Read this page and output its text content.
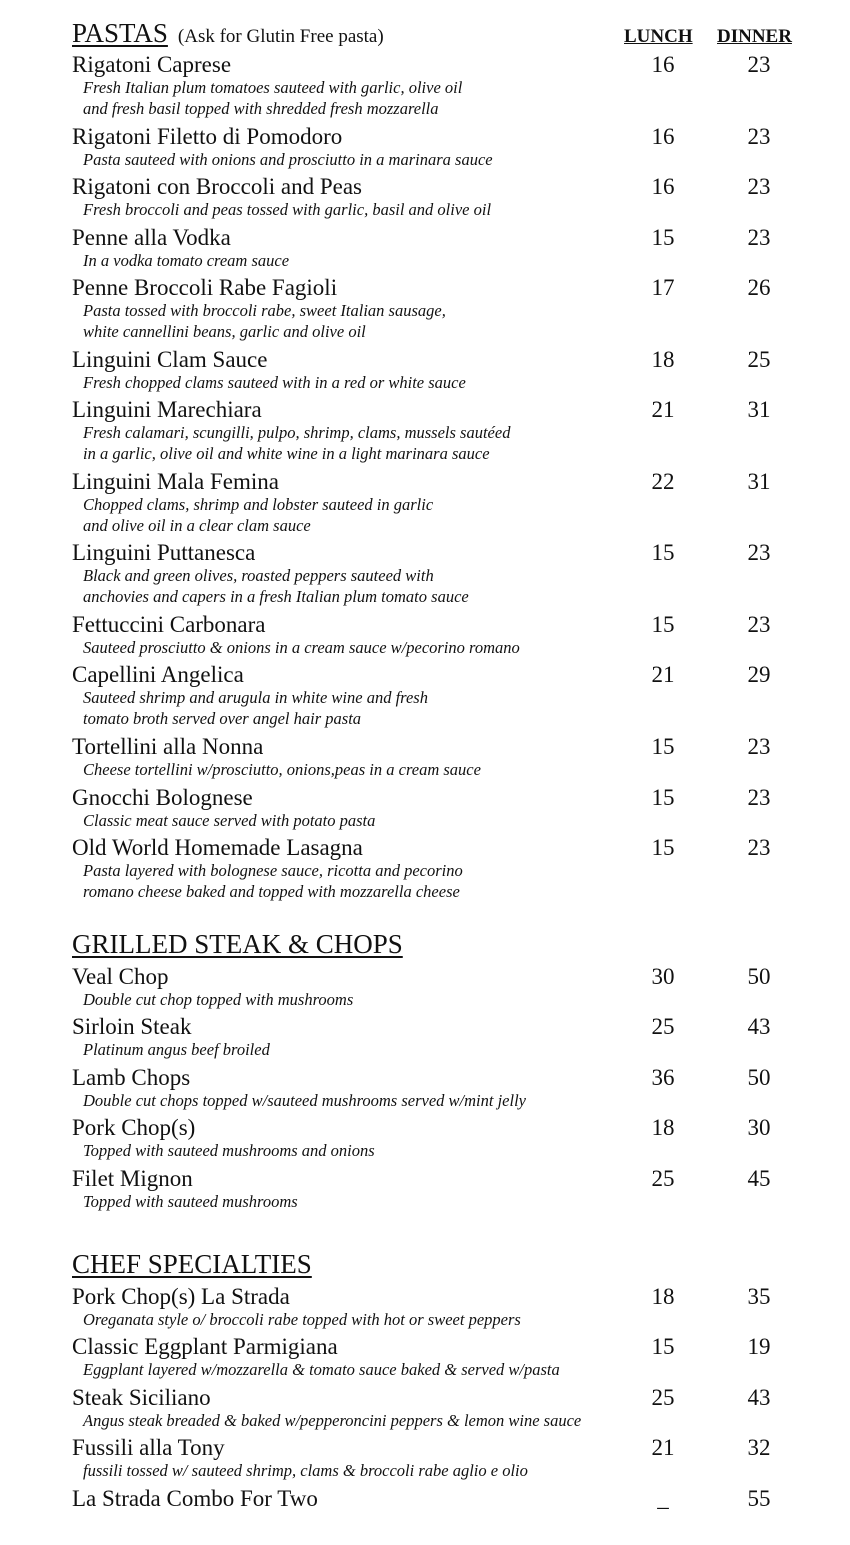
LUNCH DINNER
PASTAS (Ask for Glutin Free pasta)
Rigatoni Caprese
Fresh Italian plum tomatoes sauteed with garlic, olive oil
and fresh basil topped with shredded fresh mozzarella
16	23
Rigatoni Filetto di Pomodoro
Pasta sauteed with onions and prosciutto in a marinara sauce
16	23
Rigatoni con Broccoli and Peas
Fresh broccoli and peas tossed with garlic, basil and olive oil
16	23
Penne alla Vodka
In a vodka tomato cream sauce
15	23
Penne Broccoli Rabe Fagioli
Pasta tossed with broccoli rabe, sweet Italian sausage,
white cannellini beans, garlic and olive oil
17	26
Linguini Clam Sauce
Fresh chopped clams sauteed with in a red or white sauce
18	25
Linguini Marechiara
Fresh calamari, scungilli, pulpo, shrimp, clams, mussels sautéed
in a garlic, olive oil and white wine in a light marinara sauce
21	31
Linguini Mala Femina
Chopped clams, shrimp and lobster sauteed in garlic
and olive oil in a clear clam sauce
22	31
Linguini Puttanesca
Black and green olives, roasted peppers sauteed with
anchovies and capers in a fresh Italian plum tomato sauce
15	23
Fettuccini Carbonara
Sauteed prosciutto & onions in a cream sauce w/pecorino romano
15	23
Capellini Angelica
Sauteed shrimp and arugula in white wine and fresh
tomato broth served over angel hair pasta
21	29
Tortellini alla Nonna
Cheese tortellini w/prosciutto, onions,peas in a cream sauce
15	23
Gnocchi Bolognese
Classic meat sauce served with potato pasta
15	23
Old World Homemade Lasagna
Pasta layered with bolognese sauce, ricotta and pecorino
romano cheese baked and topped with mozzarella cheese
15	23
GRILLED STEAK & CHOPS
Veal Chop
Double cut chop topped with mushrooms
30	50
Sirloin Steak
Platinum angus beef broiled
25	43
Lamb Chops
Double cut chops topped w/sauteed mushrooms served w/mint jelly
36	50
Pork Chop(s)
Topped with sauteed mushrooms and onions
18	30
Filet Mignon
Topped with sauteed mushrooms
25	45
CHEF SPECIALTIES
Pork Chop(s) La Strada
Oreganata style o/ broccoli rabe topped with hot or sweet peppers
18	35
Classic Eggplant Parmigiana
Eggplant layered w/mozzarella & tomato sauce baked & served w/pasta
15	19
Steak Siciliano
Angus steak breaded & baked w/pepperoncini peppers & lemon wine sauce
25	43
Fussili alla Tony
fussili tossed w/ sauteed shrimp, clams & broccoli rabe aglio e olio
21	32
La Strada Combo For Two	_	55
